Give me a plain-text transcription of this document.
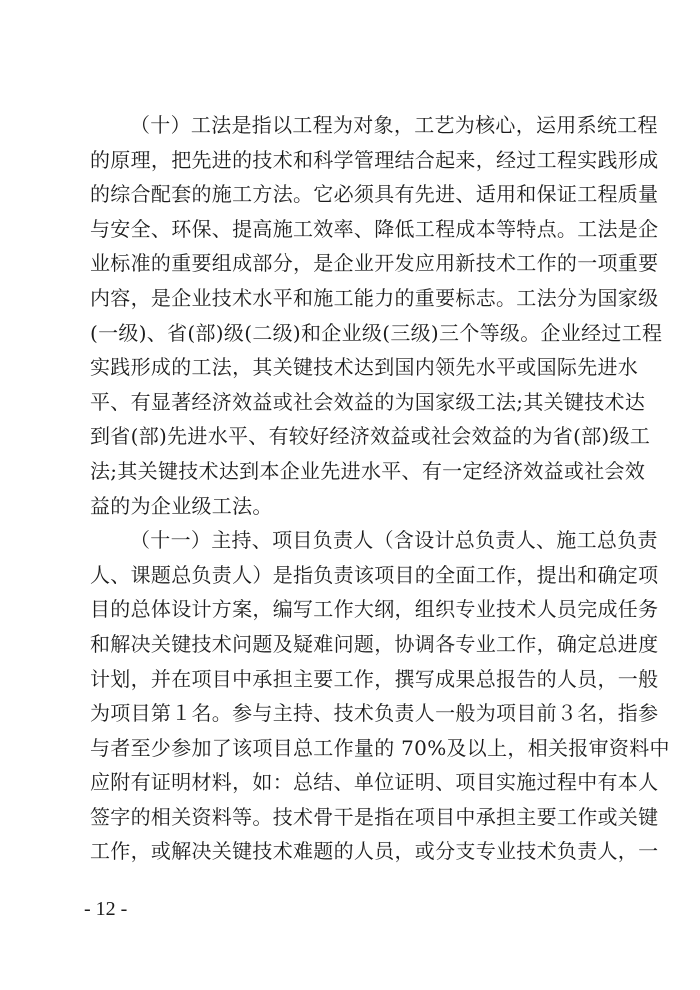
（十）工法是指以工程为对象，工艺为核心，运用系统工程
的原理，把先进的技术和科学管理结合起来，经过工程实践形成
的综合配套的施工方法。它必须具有先进、适用和保证工程质量
与安全、环保、提高施工效率、降低工程成本等特点。工法是企
业标准的重要组成部分，是企业开发应用新技术工作的一项重要
内容，是企业技术水平和施工能力的重要标志。工法分为国家级
(一级)、省(部)级(二级)和企业级(三级)三个等级。企业经过工程
实践形成的工法，其关键技术达到国内领先水平或国际先进水
平、有显著经济效益或社会效益的为国家级工法;其关键技术达
到省(部)先进水平、有较好经济效益或社会效益的为省(部)级工
法;其关键技术达到本企业先进水平、有一定经济效益或社会效
益的为企业级工法。
（十一）主持、项目负责人（含设计总负责人、施工总负责
人、课题总负责人）是指负责该项目的全面工作，提出和确定项
目的总体设计方案，编写工作大纲，组织专业技术人员完成任务
和解决关键技术问题及疑难问题，协调各专业工作，确定总进度
计划，并在项目中承担主要工作，撰写成果总报告的人员，一般
为项目第１名。参与主持、技术负责人一般为项目前３名，指参
与者至少参加了该项目总工作量的 70%及以上，相关报审资料中
应附有证明材料，如：总结、单位证明、项目实施过程中有本人
签字的相关资料等。技术骨干是指在项目中承担主要工作或关键
工作，或解决关键技术难题的人员，或分支专业技术负责人，一
- 12 -
